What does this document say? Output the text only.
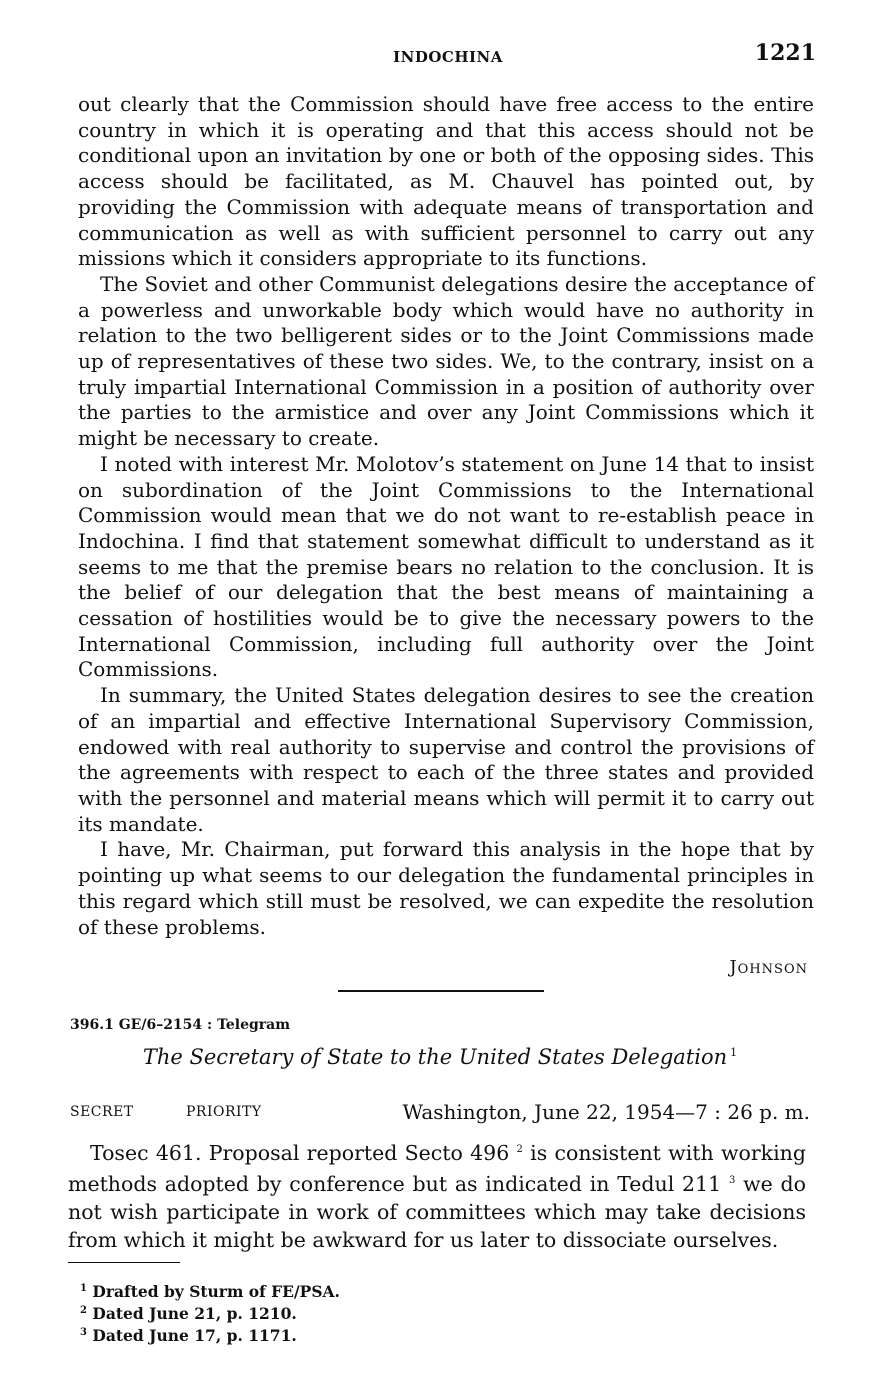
INDOCHINA	1221

out clearly that the Commission should have free access to the entire country in which it is operating and that this access should not be conditional upon an invitation by one or both of the opposing sides. This access should be facilitated, as M. Chauvel has pointed out, by providing the Commission with adequate means of transportation and communication as well as with sufficient personnel to carry out any missions which it considers appropriate to its functions.

The Soviet and other Communist delegations desire the acceptance of a powerless and unworkable body which would have no authority in relation to the two belligerent sides or to the Joint Commissions made up of representatives of these two sides. We, to the contrary, insist on a truly impartial International Commission in a position of authority over the parties to the armistice and over any Joint Commissions which it might be necessary to create.

I noted with interest Mr. Molotov’s statement on June 14 that to insist on subordination of the Joint Commissions to the International Commission would mean that we do not want to re-establish peace in Indochina. I find that statement somewhat difficult to understand as it seems to me that the premise bears no relation to the conclusion. It is the belief of our delegation that the best means of maintaining a cessation of hostilities would be to give the necessary powers to the International Commission, including full authority over the Joint Commissions.

In summary, the United States delegation desires to see the creation of an impartial and effective International Supervisory Commission, endowed with real authority to supervise and control the provisions of the agreements with respect to each of the three states and provided with the personnel and material means which will permit it to carry out its mandate.

I have, Mr. Chairman, put forward this analysis in the hope that by pointing up what seems to our delegation the fundamental principles in this regard which still must be resolved, we can expedite the resolution of these problems.

Johnson
396.1 GE/6–2154 : Telegram
The Secretary of State to the United States Delegation $^1$
SECRET	PRIORITY	Washington, June 22, 1954—7 : 26 p. m.

Tosec 461. Proposal reported Secto 496 $^2$ is consistent with working methods adopted by conference but as indicated in Tedul 211 $^3$ we do not wish participate in work of committees which may take decisions from which it might be awkward for us later to dissociate ourselves.

$^1$ Drafted by Sturm of FE/PSA.
$^2$ Dated June 21, p. 1210.
$^3$ Dated June 17, p. 1171.
